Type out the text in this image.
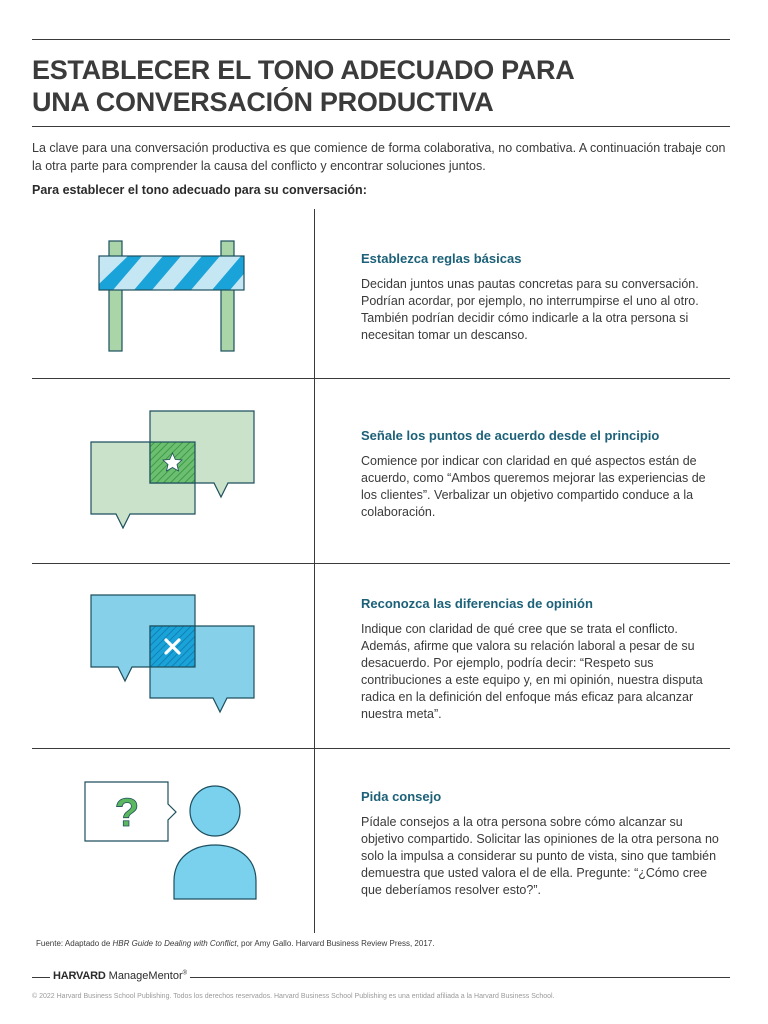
ESTABLECER EL TONO ADECUADO PARA
UNA CONVERSACIÓN PRODUCTIVA

La clave para una conversación productiva es que comience de forma colaborativa, no combativa. A continuación trabaje con la otra parte para comprender la causa del conflicto y encontrar soluciones juntos.

Para establecer el tono adecuado para su conversación:

?
Establezca reglas básicas

Decidan juntos unas pautas concretas para su conversación. Podrían acordar, por ejemplo, no interrumpirse el uno al otro. También podrían decidir cómo indicarle a la otra persona si necesitan tomar un descanso.

Señale los puntos de acuerdo desde el principio

Comience por indicar con claridad en qué aspectos están de acuerdo, como “Ambos queremos mejorar las experiencias de los clientes”. Verbalizar un objetivo compartido conduce a la colaboración.

Reconozca las diferencias de opinión

Indique con claridad de qué cree que se trata el conflicto. Además, afirme que valora su relación laboral a pesar de su desacuerdo. Por ejemplo, podría decir: “Respeto sus contribuciones a este equipo y, en mi opinión, nuestra disputa radica en la definición del enfoque más eficaz para alcanzar nuestra meta”.

Pida consejo

Pídale consejos a la otra persona sobre cómo alcanzar su objetivo compartido. Solicitar las opiniones de la otra persona no solo la impulsa a considerar su punto de vista, sino que también demuestra que usted valora el de ella. Pregunte: “¿Cómo cree que deberíamos resolver esto?”.

Fuente: Adaptado de HBR Guide to Dealing with Conflict, por Amy Gallo. Harvard Business Review Press, 2017.

HARVARD ManageMentor®

© 2022 Harvard Business School Publishing. Todos los derechos reservados. Harvard Business School Publishing es una entidad afiliada a la Harvard Business School.
